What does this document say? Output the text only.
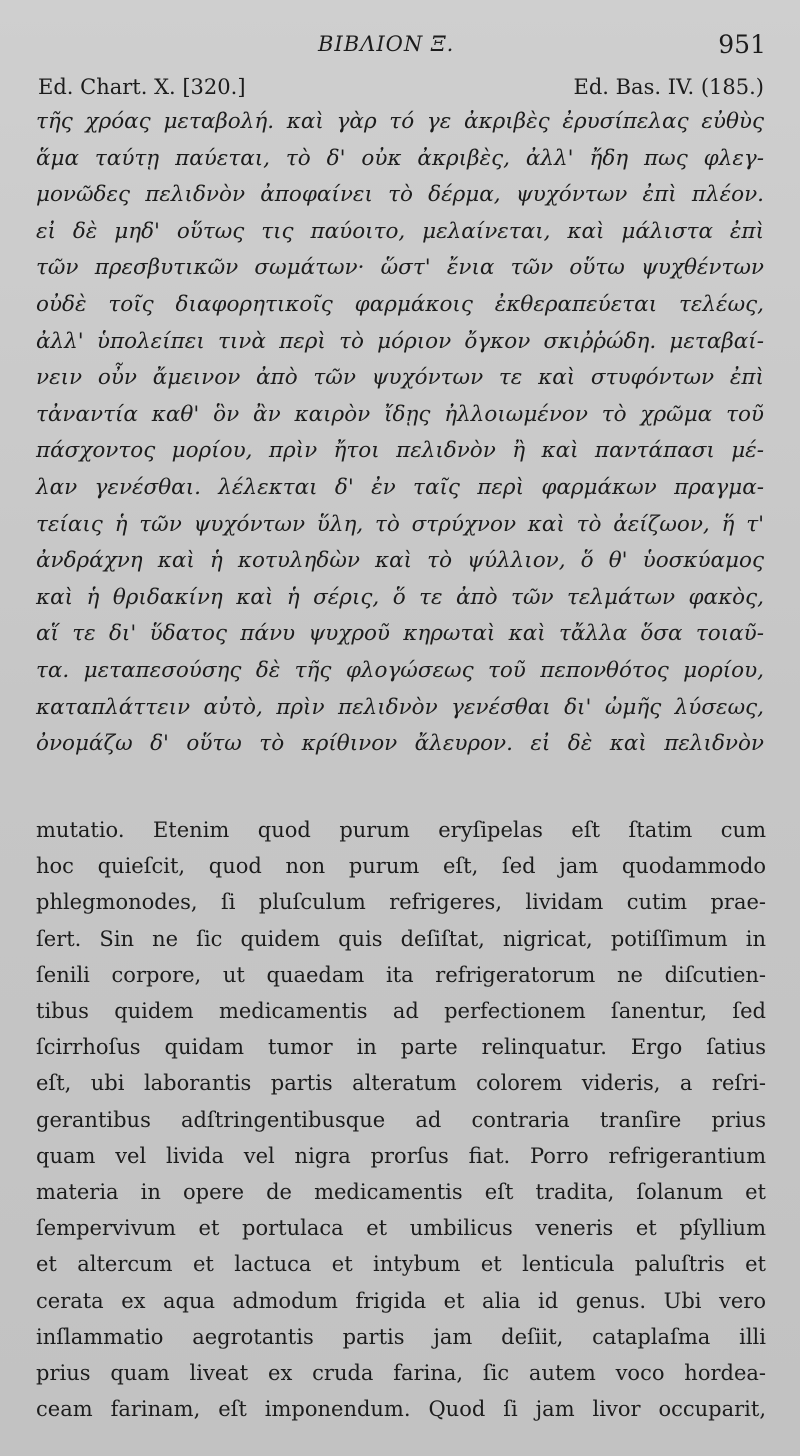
ΒΙΒΛΙΟΝ Ξ.	951
Ed. Chart. X. [320.]	Ed. Bas. IV. (185.)
τῆς χρόας μεταβολή. καὶ γὰρ τό γε ἀκριβὲς ἐρυσίπελας εὐθὺς
ἅμα ταύτῃ παύεται, τὸ δ' οὐκ ἀκριβὲς, ἀλλ' ἤδη πως φλεγ-
μονῶδες πελιδνὸν ἀποφαίνει τὸ δέρμα, ψυχόντων ἐπὶ πλέον.
εἰ δὲ μηδ' οὕτως τις παύοιτο, μελαίνεται, καὶ μάλιστα ἐπὶ
τῶν πρεσβυτικῶν σωμάτων· ὥστ' ἔνια τῶν οὕτω ψυχθέντων
οὐδὲ τοῖς διαφορητικοῖς φαρμάκοις ἐκθεραπεύεται τελέως,
ἀλλ' ὑπολείπει τινὰ περὶ τὸ μόριον ὄγκον σκιῤῥώδη. μεταβαί-
νειν οὖν ἄμεινον ἀπὸ τῶν ψυχόντων τε καὶ στυφόντων ἐπὶ
τἀναντία καθ' ὃν ἂν καιρὸν ἴδῃς ἠλλοιωμένον τὸ χρῶμα τοῦ
πάσχοντος μορίου, πρὶν ἤτοι πελιδνὸν ἢ καὶ παντάπασι μέ-
λαν γενέσθαι. λέλεκται δ' ἐν ταῖς περὶ φαρμάκων πραγμα-
τείαις ἡ τῶν ψυχόντων ὕλη, τὸ στρύχνον καὶ τὸ ἀείζωον, ἥ τ'
ἀνδράχνη καὶ ἡ κοτυληδὼν καὶ τὸ ψύλλιον, ὅ θ' ὑοσκύαμος
καὶ ἡ θριδακίνη καὶ ἡ σέρις, ὅ τε ἀπὸ τῶν τελμάτων φακὸς,
αἵ τε δι' ὕδατος πάνυ ψυχροῦ κηρωταὶ καὶ τἄλλα ὅσα τοιαῦ-
τα. μεταπεσούσης δὲ τῆς φλογώσεως τοῦ πεπονθότος μορίου,
καταπλάττειν αὐτὸ, πρὶν πελιδνὸν γενέσθαι δι' ὠμῆς λύσεως,
ὀνομάζω δ' οὕτω τὸ κρίθινον ἄλευρον. εἰ δὲ καὶ πελιδνὸν
mutatio. Etenim quod purum eryſipelas eſt ſtatim cum
hoc quieſcit, quod non purum eſt, ſed jam quodammodo
phlegmonodes, ſi pluſculum refrigeres, lividam cutim prae-
ſert. Sin ne ſic quidem quis deſiſtat, nigricat, potiſſimum in
ſenili corpore, ut quaedam ita refrigeratorum ne diſcutien-
tibus quidem medicamentis ad perfectionem ſanentur, ſed
ſcirrhoſus quidam tumor in parte relinquatur. Ergo ſatius
eſt, ubi laborantis partis alteratum colorem videris, a reſri-
gerantibus adſtringentibusque ad contraria tranſire prius
quam vel livida vel nigra prorſus fiat. Porro refrigerantium
materia in opere de medicamentis eſt tradita, ſolanum et
ſempervivum et portulaca et umbilicus veneris et pſyllium
et altercum et lactuca et intybum et lenticula paluſtris et
cerata ex aqua admodum frigida et alia id genus. Ubi vero
inſlammatio aegrotantis partis jam deſiit, cataplaſma illi
prius quam liveat ex cruda farina, ſic autem voco hordea-
ceam farinam, eſt imponendum. Quod ſi jam livor occuparit,
